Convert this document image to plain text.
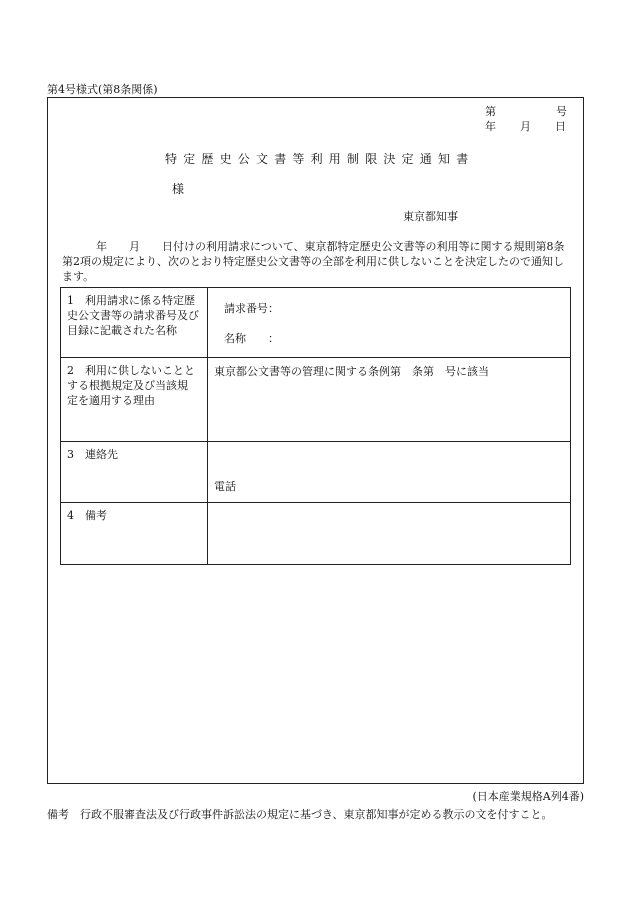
第4号様式(第8条関係)
第	号
年 月 日
特定歴史公文書等利用制限決定通知書
様
東京都知事
年　　月　　日付けの利用請求について、東京都特定歴史公文書等の利用等に関する規則第8条第2項の規定により、次のとおり特定歴史公文書等の全部を利用に供しないことを決定したので通知します。
1　利用請求に係る特定歴史公文書等の請求番号及び目録に記載された名称	請求番号：
名称　　：

2　利用に供しないことと する根拠規定及び当該規 定を適用する理由	東京都公文書等の管理に関する条例第　条第　号に該当

3　連絡先	電話

4　備考	
(日本産業規格A列4番)
備考　行政不服審査法及び行政事件訴訟法の規定に基づき、東京都知事が定める教示の文を付すこと。
